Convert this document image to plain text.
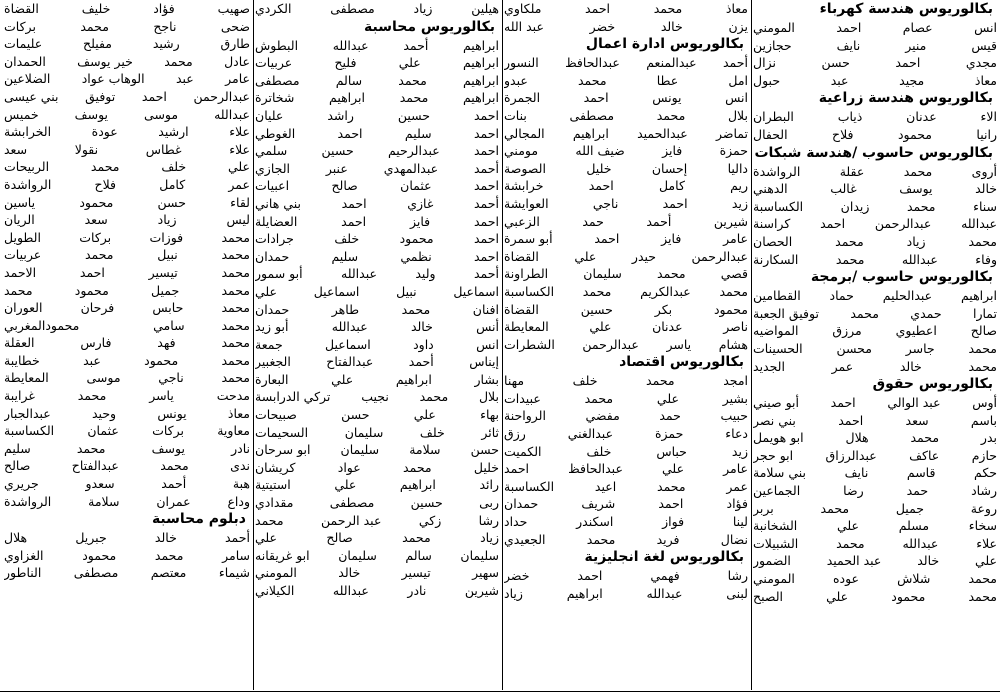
بكالوريوس هندسة كهرباء
انس
عصام
احمد
المومني
قيس
منير
نايف
حجازين
مجدي
احمد
حسن
نزال
معاذ
مجيد
عبد
حبول
بكالوريوس هندسة زراعية
الاء
عدنان
ذياب
البطران
رانيا
محمود
فلاح
الحفال
بكالوريوس حاسوب /هندسة شبكات
أروى
محمد
عقلة
الرواشدة
خالد
يوسف
غالب
الدهني
سناء
محمد
زيدان
الكساسبة
عبدالله
عبدالرحمن
احمد
كراسنة
محمد
زياد
محمد
الحصان
وفاء
عبدالله
محمد
السكارنة
بكالوريوس حاسوب /برمجة
ابراهيم
عبدالحليم
حماد
القطامين
تمارا
حمدي
محمد
توفيق الجعبة
صالح
اعطيوي
مرزق
المواضيه
محمد
جاسر
محسن
الحسينات
محمد
خالد
عمر
الجديد
بكالوريوس حقوق
أوس
عبد الوالي
احمد
أبو صيني
باسم
سعد
احمد
بني نصر
بدر
محمد
هلال
ابو هويمل
حازم
عاكف
عبدالرزاق
ابو حجر
حكم
قاسم
نايف
بني سلامة
رشاد
حمد
رضا
الجماعين
روعة
جميل
محمد
بربر
سخاء
مسلم
علي
الشخانبة
علاء
عبدالله
محمد
الشبيلات
علي
خالد
عبد الحميد
الضمور
محمد
شلاش
عوده
المومني
محمد
محمود
علي
الصبح
معاذ
محمد
احمد
ملكاوي
يزن
خالد
خضر
عبد الله
بكالوريوس ادارة اعمال
أحمد
عبدالمنعم
عبدالحافظ
النسور
امل
عطا
محمد
عبدو
انس
يونس
احمد
الجمرة
بلال
محمد
مصطفى
بنات
تماضر
عبدالحميد
ابراهيم
المجالي
حمزة
فايز
ضيف الله
مومني
داليا
إحسان
خليل
الصوصة
ريم
كامل
احمد
خرابشة
زيد
احمد
ناجي
العوايشة
شيرين
أحمد
حمد
الزعبي
عامر
فايز
احمد
أبو سمرة
عبدالرحمن
حيدر
علي
القضاة
قصي
محمد
سليمان
الطراونة
محمد
عبدالكريم
محمد
الكساسبة
محمود
بكر
حسين
القضاة
ناصر
عدنان
علي
المعايطة
هشام
ياسر
عبدالرحمن
الشطرات
بكالوريوس اقتصاد
امجد
محمد
خلف
مهنا
بشير
علي
محمد
عبيدات
حبيب
حمد
مفضي
الرواحنة
دعاء
حمزة
عبدالغني
رزق
زيد
حباس
خلف
الكميت
عامر
علي
عبدالحافظ
احمد
عمر
محمد
اعيد
الكساسبة
فؤاد
احمد
شريف
حمدان
لينا
فواز
اسكندر
حداد
نضال
فريد
محمد
الجعيدي
بكالوريوس لغة انجليزية
رشا
فهمي
احمد
خضر
لبنى
عبدالله
ابراهيم
زياد
هيلين
زياد
مصطفى
الكردي
بكالوريوس محاسبة
ابراهيم
أحمد
عبدالله
البطوش
ابراهيم
علي
فليح
عربيات
ابراهيم
محمد
سالم
مصطفى
ابراهيم
محمد
ابراهيم
شخاترة
احمد
حسين
راشد
عليان
احمد
سليم
احمد
الغوطي
احمد
عبدالرحيم
حسين
سلمي
أحمد
عبدالمهدي
عنبر
الجازي
احمد
عثمان
صالح
اعبيات
أحمد
غازي
احمد
بني هاني
احمد
فايز
احمد
العضايلة
احمد
محمود
خلف
جرادات
احمد
نظمي
سليم
حمدان
أحمد
وليد
عبدالله
أبو سمور
اسماعيل
نبيل
اسماعيل
علي
افنان
محمد
طاهر
حمدان
أنس
خالد
عبدالله
أبو زيد
انس
داود
اسماعيل
جمعة
إيناس
أحمد
عبدالفتاح
الجغبير
بشار
ابراهيم
علي
البعارة
بلال
محمد
نجيب
تركي الدرابسة
بهاء
علي
حسن
صبيحات
ثائر
خلف
سليمان
السحيمات
حسن
سلامة
سليمان
ابو سرحان
خليل
محمد
عواد
كريشان
رائد
ابراهيم
علي
استيتية
ربى
حسين
مصطفى
مقدادي
رشا
زكي
عبد الرحمن
محمد
زياد
محمد
صالح
علي
سليمان
سالم
سليمان
ابو غريقانه
سهير
تيسير
خالد
المومني
شيرين
نادر
عبدالله
الكيلاني
صهيب
فؤاد
خليف
القضاة
ضحى
ناجح
محمد
بركات
طارق
رشيد
مفيلح
عليمات
عادل
محمد
خير يوسف
الحمدان
عامر
عبد
الوهاب عواد
الضلاعين
عبدالرحمن
احمد
توفيق
بني عيسى
عبدالله
موسى
يوسف
خميس
علاء
ارشيد
عودة
الخرابشة
علاء
غطاس
نقولا
سعد
علي
خلف
محمد
الربيحات
عمر
كامل
فلاح
الرواشدة
لقاء
حسن
محمود
ياسين
ليس
زياد
سعد
الريان
محمد
فوزات
بركات
الطويل
محمد
نبيل
محمد
عربيات
محمد
تيسير
احمد
الاحمد
محمد
جميل
محمود
محمد
محمد
حابس
فرحان
العوران
محمد
سامي
محمودالمغربي
محمد
فهد
فارس
العقلة
محمد
محمود
عبد
خطايبة
محمد
ناجي
موسى
المعايطة
مدحت
ياسر
محمد
غرايبة
معاذ
يونس
وحيد
عبدالجبار
معاوية
بركات
عثمان
الكساسبة
نادر
يوسف
محمد
سليم
ندى
محمد
عبدالفتاح
صالح
هبة
أحمد
سعدو
جريري
وداع
عمران
سلامة
الرواشدة
دبلوم محاسبة
أحمد
خالد
جبريل
هلال
سامر
محمد
محمود
الغزاوي
شيماء
معتصم
مصطفى
الناطور
